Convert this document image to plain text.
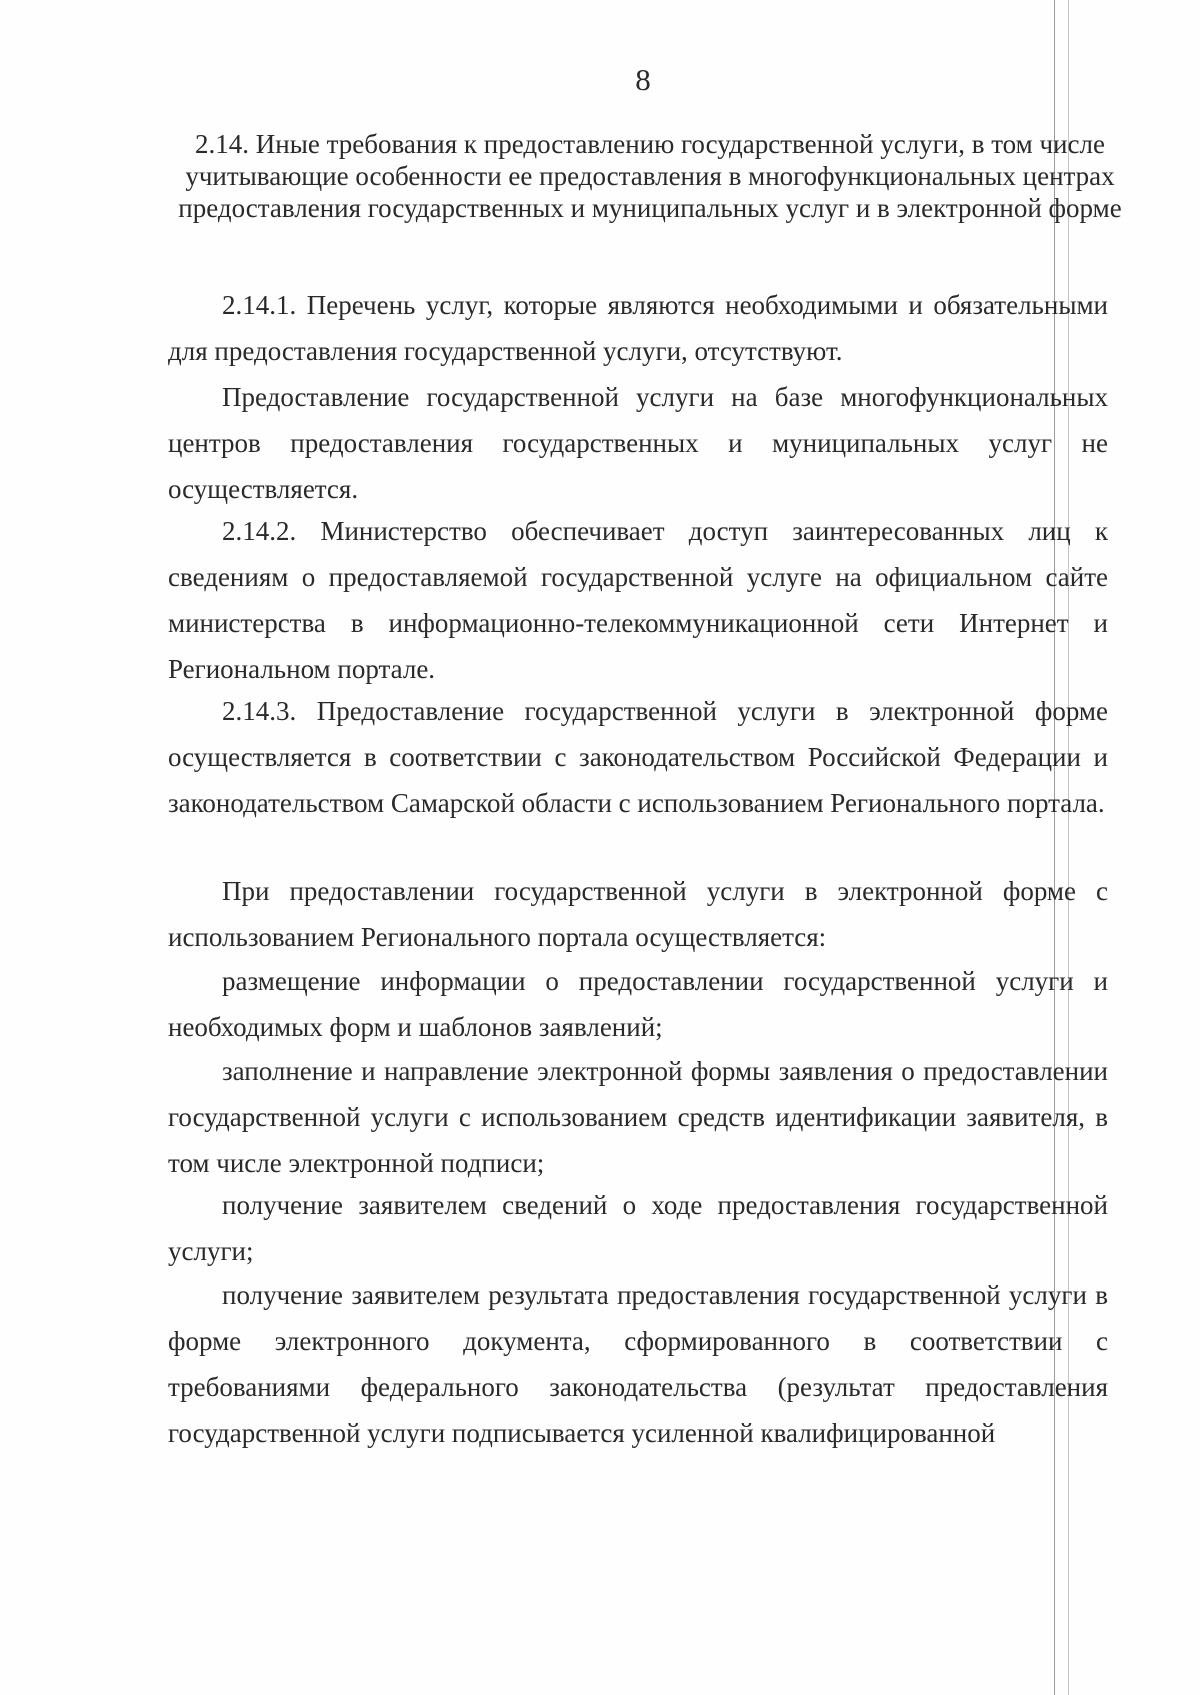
8
2.14. Иные требования к предоставлению государственной услуги, в том числе учитывающие особенности ее предоставления в многофункциональных центрах предоставления государственных и муниципальных услуг и в электронной форме
2.14.1. Перечень услуг, которые являются необходимыми и обязательными для предоставления государственной услуги, отсутствуют.
Предоставление государственной услуги на базе многофункциональных центров предоставления государственных и муниципальных услуг не осуществляется.
2.14.2. Министерство обеспечивает доступ заинтересованных лиц к сведениям о предоставляемой государственной услуге на официальном сайте министерства в информационно-телекоммуникационной сети Интернет и Региональном портале.
2.14.3. Предоставление государственной услуги в электронной форме осуществляется в соответствии с законодательством Российской Федерации и законодательством Самарской области с использованием Регионального портала.
При предоставлении государственной услуги в электронной форме с использованием Регионального портала осуществляется:
размещение информации о предоставлении государственной услуги и необходимых форм и шаблонов заявлений;
заполнение и направление электронной формы заявления о предоставлении государственной услуги с использованием средств идентификации заявителя, в том числе электронной подписи;
получение заявителем сведений о ходе предоставления государственной услуги;
получение заявителем результата предоставления государственной услуги в форме электронного документа, сформированного в соответствии с требованиями федерального законодательства (результат предоставления государственной услуги подписывается усиленной квалифицированной
